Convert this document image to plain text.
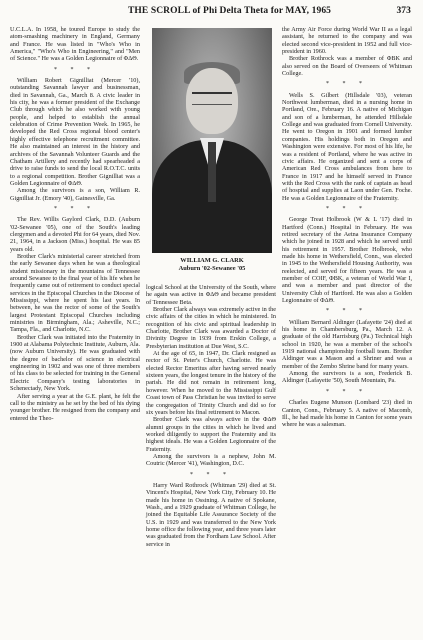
THE SCROLL of Phi Delta Theta for MAY, 1965	373

U.C.L.A. In 1958, he toured Europe to study the atom-smashing machinery in England, Germany and France. He was listed in "Who's Who in America," "Who's Who in Engineering," and "Men of Science." He was a Golden Legionnaire of ΦΔΘ.

* * *

William Robert Gignilliat (Mercer '10), outstanding Savannah lawyer and businessman, died in Savannah, Ga., March 8. A civic leader in his city, he was a former president of the Exchange Club through which he also worked with young people, and helped to establish the annual celebration of Crime Prevention Week. In 1965, he developed the Red Cross regional blood center's highly effective telephone recruitment committee. He also maintained an interest in the history and archives of the Savannah Volunteer Guards and the Chatham Artillery and recently had spearheaded a drive to raise funds to send the local R.O.T.C. units to a regional competition. Brother Gignilliat was a Golden Legionnaire of ΦΔΘ.

Among the survivors is a son, William R. Gignilliat Jr. (Emory '40), Gainesville, Ga.

* * *

The Rev. Willis Gaylord Clark, D.D. (Auburn '02-Sewanee '05), one of the South's leading clergymen and a devoted Phi for 64 years, died Nov. 21, 1964, in a Jackson (Miss.) hospital. He was 85 years old.

Brother Clark's ministerial career stretched from the early Sewanee days when he was a theological student missionary in the mountains of Tennessee around Sewanee to the final year of his life when he frequently came out of retirement to conduct special services in the Episcopal Churches in the Diocese of Mississippi, where he spent his last years. In between, he was the rector of some of the South's largest Protestant Episcopal Churches including ministries in Birmingham, Ala.; Asheville, N.C.; Tampa, Fla., and Charlotte, N.C.

Brother Clark was initiated into the Fraternity in 1900 at Alabama Polytechnic Institute, Auburn, Ala. (now Auburn University). He was graduated with the degree of bachelor of science in electrical engineering in 1902 and was one of three members of his class to be selected for training in the General Electric Company's testing laboratories in Schenectady, New York.

After serving a year at the G.E. plant, he felt the call to the ministry as he set by the bed of his dying younger brother. He resigned from the company and entered the Theo-

WILLIAM G. CLARK
Auburn '02-Sewanee '05

logical School at the University of the South, where he again was active in ΦΔΘ and became president of Tennessee Beta.

Brother Clark always was extremely active in the civic affairs of the cities in which he ministered. In recognition of his civic and spiritual leadership in Charlotte, Brother Clark was awarded a Doctor of Divinity Degree in 1939 from Erskin College, a Presbyterian institution at Due West, S.C.

At the age of 65, in 1947, Dr. Clark resigned as rector of St. Peter's Church, Charlotte. He was elected Rector Emeritus after having served nearly sixteen years, the longest tenure in the history of the parish. He did not remain in retirement long, however. When he moved to the Mississippi Gulf Coast town of Pass Christian he was invited to serve the congregation of Trinity Church and did so for six years before his final retirement to Macon.

Brother Clark was always active in the ΦΔΘ alumni groups in the cities in which he lived and worked diligently to support the Fraternity and its highest ideals. He was a Golden Legionnaire of the Fraternity.

Among the survivors is a nephew, John M. Coutric (Mercer '41), Washington, D.C.

* * *

Harry Ward Rothrock (Whitman '29) died at St. Vincent's Hospital, New York City, February 10. He made his home in Ossining. A native of Spokane, Wash., and a 1929 graduate of Whitman College, he joined the Equitable Life Assurance Society of the U.S. in 1929 and was transferred to the New York home office the following year, and three years later was graduated from the Fordham Law School. After service in

the Army Air Force during World War II as a legal assistant, he returned to the company and was elected second vice-president in 1952 and full vice-president in 1960.

Brother Rothrock was a member of ΦBK and also served on the Board of Overseers of Whitman College.

* * *

Wells S. Gilbert (Hillsdale '03), veteran Northwest lumberman, died in a nursing home in Portland, Ore., February 16. A native of Michigan and son of a lumberman, he attended Hillsdale College and was graduated from Cornell University. He went to Oregon in 1901 and formed lumber companies. His holdings both in Oregon and Washington were extensive. For most of his life, he was a resident of Portland, where he was active in civic affairs. He organized and sent a corps of American Red Cross ambulances from here to France in 1917 and he himself served in France with the Red Cross with the rank of captain as head of hospital and supplies at Laon under Gen. Foche. He was a Golden Legionnaire of the Fraternity.

* * *

George Treat Holbrook (W & L '17) died in Hartford (Conn.) Hospital in February. He was retired secretary of the Aetna Insurance Company which he joined in 1928 and which he served until his retirement in 1957. Brother Holbrook, who made his home in Wethersfield, Conn., was elected in 1945 to the Wethersfield Housing Authority, was reelected, and served for fifteen years. He was a member of COIF, ΦBK, a veteran of World War I, and was a member and past director of the University Club of Hartford. He was also a Golden Legionnaire of ΦΔΘ.

* * *

William Bernard Aldinger (Lafayette '24) died at his home in Chambersburg, Pa., March 12. A graduate of the old Harrisburg (Pa.) Technical high school in 1920, he was a member of the school's 1919 national championship football team. Brother Aldinger was a Mason and a Shriner and was a member of the Zembo Shrine band for many years.

Among the survivors is a son, Frederick B. Aldinger (Lafayette '50), South Mountain, Pa.

* * *

Charles Eugene Munson (Lombard '23) died in Canton, Conn., February 5. A native of Macomb, Ill., he had made his home in Canton for some years where he was a salesman.
